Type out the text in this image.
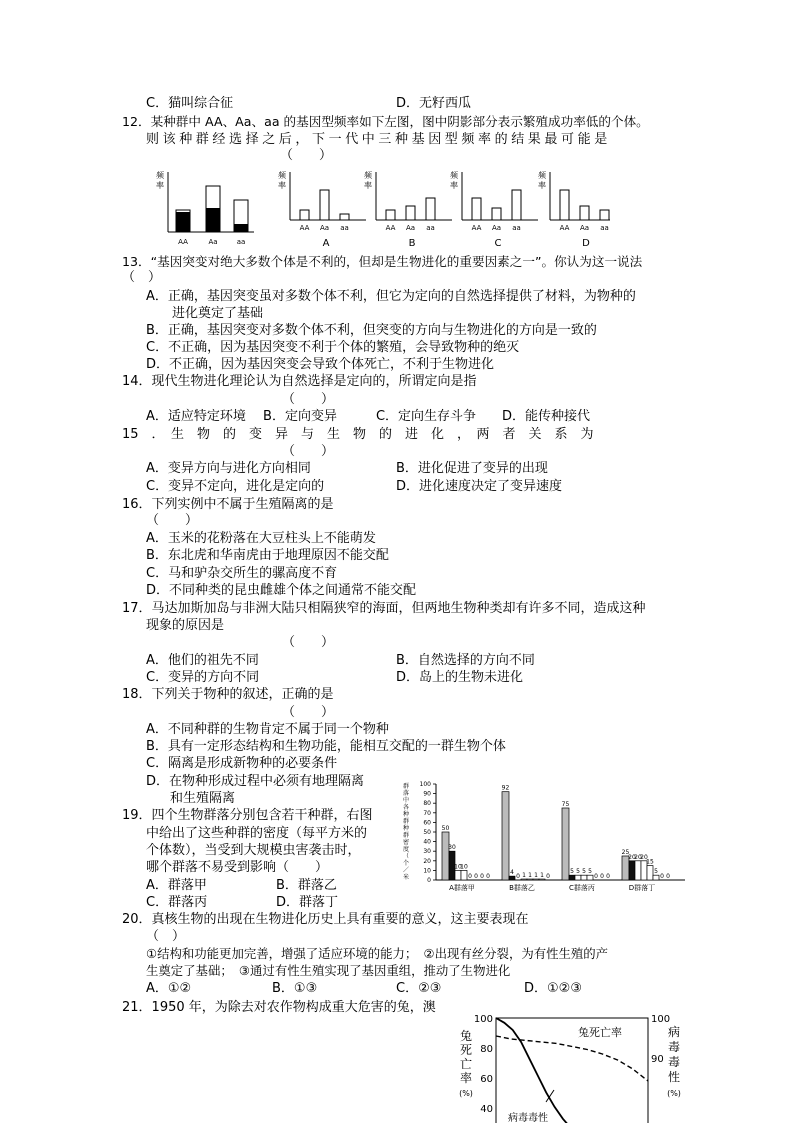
C．猫叫综合征	D．无籽西瓜
12．某种群中 AA、Aa、aa 的基因型频率如下左图，图中阴影部分表示繁殖成功率低的个体。
则该种群经选择之后，下一代中三种基因型频率的结果最可能是
（　　）
频
率
AA	Aa	aa
频
率
AA Aa aa
A
频
率
AA Aa aa
B
频
率
AA Aa aa
C
频
率
AA Aa aa
D
13．“基因突变对绝大多数个体是不利的，但却是生物进化的重要因素之一”。你认为这一说法
（　）
A．正确，基因突变虽对多数个体不利，但它为定向的自然选择提供了材料，为物种的
进化奠定了基础
B．正确，基因突变对多数个体不利，但突变的方向与生物进化的方向是一致的
C．不正确，因为基因突变不利于个体的繁殖，会导致物种的绝灭
D．不正确，因为基因突变会导致个体死亡，不利于生物进化
14．现代生物进化理论认为自然选择是定向的，所谓定向是指
（　　）
A．适应特定环境　 B．定向变异　　　C．定向生存斗争　　D．能传种接代
15　．　生　物　的　变　异　与　生　物　的　进　化　，　两　者　关　系　为
（　　）
A．变异方向与进化方向相同	B．进化促进了变异的出现
C．变异不定向，进化是定向的	D．进化速度决定了变异速度
16．下列实例中不属于生殖隔离的是
（　　）
A．玉米的花粉落在大豆柱头上不能萌发
B．东北虎和华南虎由于地理原因不能交配
C．马和驴杂交所生的骡高度不育
D．不同种类的昆虫雌雄个体之间通常不能交配
17．马达加斯加岛与非洲大陆只相隔狭窄的海面，但两地生物种类却有许多不同，造成这种
现象的原因是
（　　）
A．他们的祖先不同	B．自然选择的方向不同
C．变异的方向不同	D．岛上的生物未进化
18．下列关于物种的叙述，正确的是
（　　）
A．不同种群的生物肯定不属于同一个物种
B．具有一定形态结构和生物功能，能相互交配的一群生物个体
C．隔离是形成新物种的必要条件
D．在物种形成过程中必须有地理隔离
和生殖隔离
19．四个生物群落分别包含若干种群，右图
中给出了这些种群的密度（每平方米的
个体数），当受到大规模虫害袭击时，
哪个群落不易受到影响（　　）
A．群落甲	B．群落乙
C．群落丙	D．群落丁
群
落
中
各
种
群
种
群
密
度
（
个
／
米	0
10
20
30
40
50
60
70
80
90
100
50
30
10
10
0 0 0 0
A群落甲
92
4
0 1 1 1 1 0
B群落乙
75
5 5 5 5
0 0 0
C群落丙
25
20
20
20
15
5
0 0
D群落丁
20．真核生物的出现在生物进化历史上具有重要的意义，这主要表现在
（　）
①结构和功能更加完善，增强了适应环境的能力；　②出现有丝分裂，为有性生殖的产
生奠定了基础；　③通过有性生殖实现了基因重组，推动了生物进化
A．①②	B．①③	C．②③	D．①②③
21．1950 年，为除去对农作物构成重大危害的兔，澳
兔
死
亡
率
(%)
病
毒
毒
性
(%)
100
80
60
40
100
90
兔死亡率
病毒毒性
